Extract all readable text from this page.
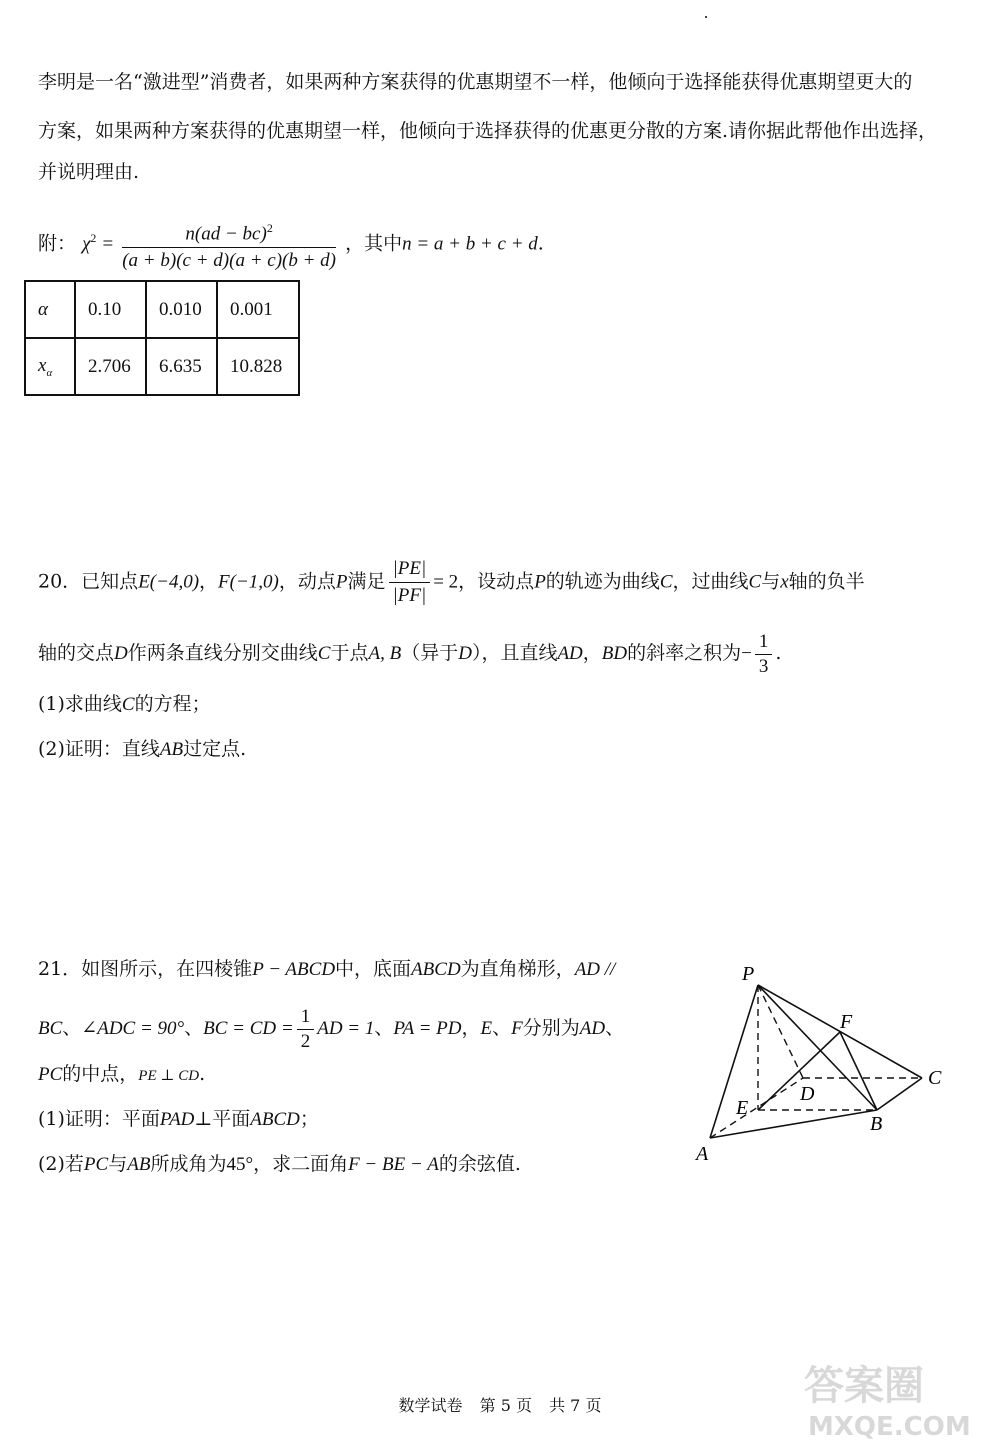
李明是一名“激进型”消费者，如果两种方案获得的优惠期望不一样，他倾向于选择能获得优惠期望更大的
方案，如果两种方案获得的优惠期望一样，他倾向于选择获得的优惠更分散的方案.请你据此帮他作出选择，
并说明理由.
附： $\chi^2 = \frac{n(ad - bc)^2}{(a + b)(c + d)(a + c)(b + d)}$ ，其中n = a + b + c + d.
α	0.10	0.010	0.001
$x_\alpha$	2.706	6.635	10.828
20．已知点E(−4,0)，F(−1,0)，动点P满足 $\frac{|PE|}{|PF|} = 2$，设动点P的轨迹为曲线C，过曲线C与x轴的负半
轴的交点D作两条直线分别交曲线C于点A, B（异于D），且直线AD，BD的斜率之积为− $\frac{1}{3}$ .
(1)求曲线C的方程；
(2)证明：直线AB过定点.
21．如图所示，在四棱锥P − ABCD中，底面ABCD为直角梯形，AD //
BC、∠ADC = 90°、BC = CD = $\frac{1}{2}$ AD = 1、PA = PD，E、F分别为AD、
PC的中点，PE ⊥ CD.
(1)证明：平面PAD⊥平面ABCD；
(2)若PC与AB所成角为45°，求二面角F − BE − A的余弦值.
P
F
C
D
E
B
A
数学试卷 第 5 页 共 7 页	答案圈
MXQE.COM
